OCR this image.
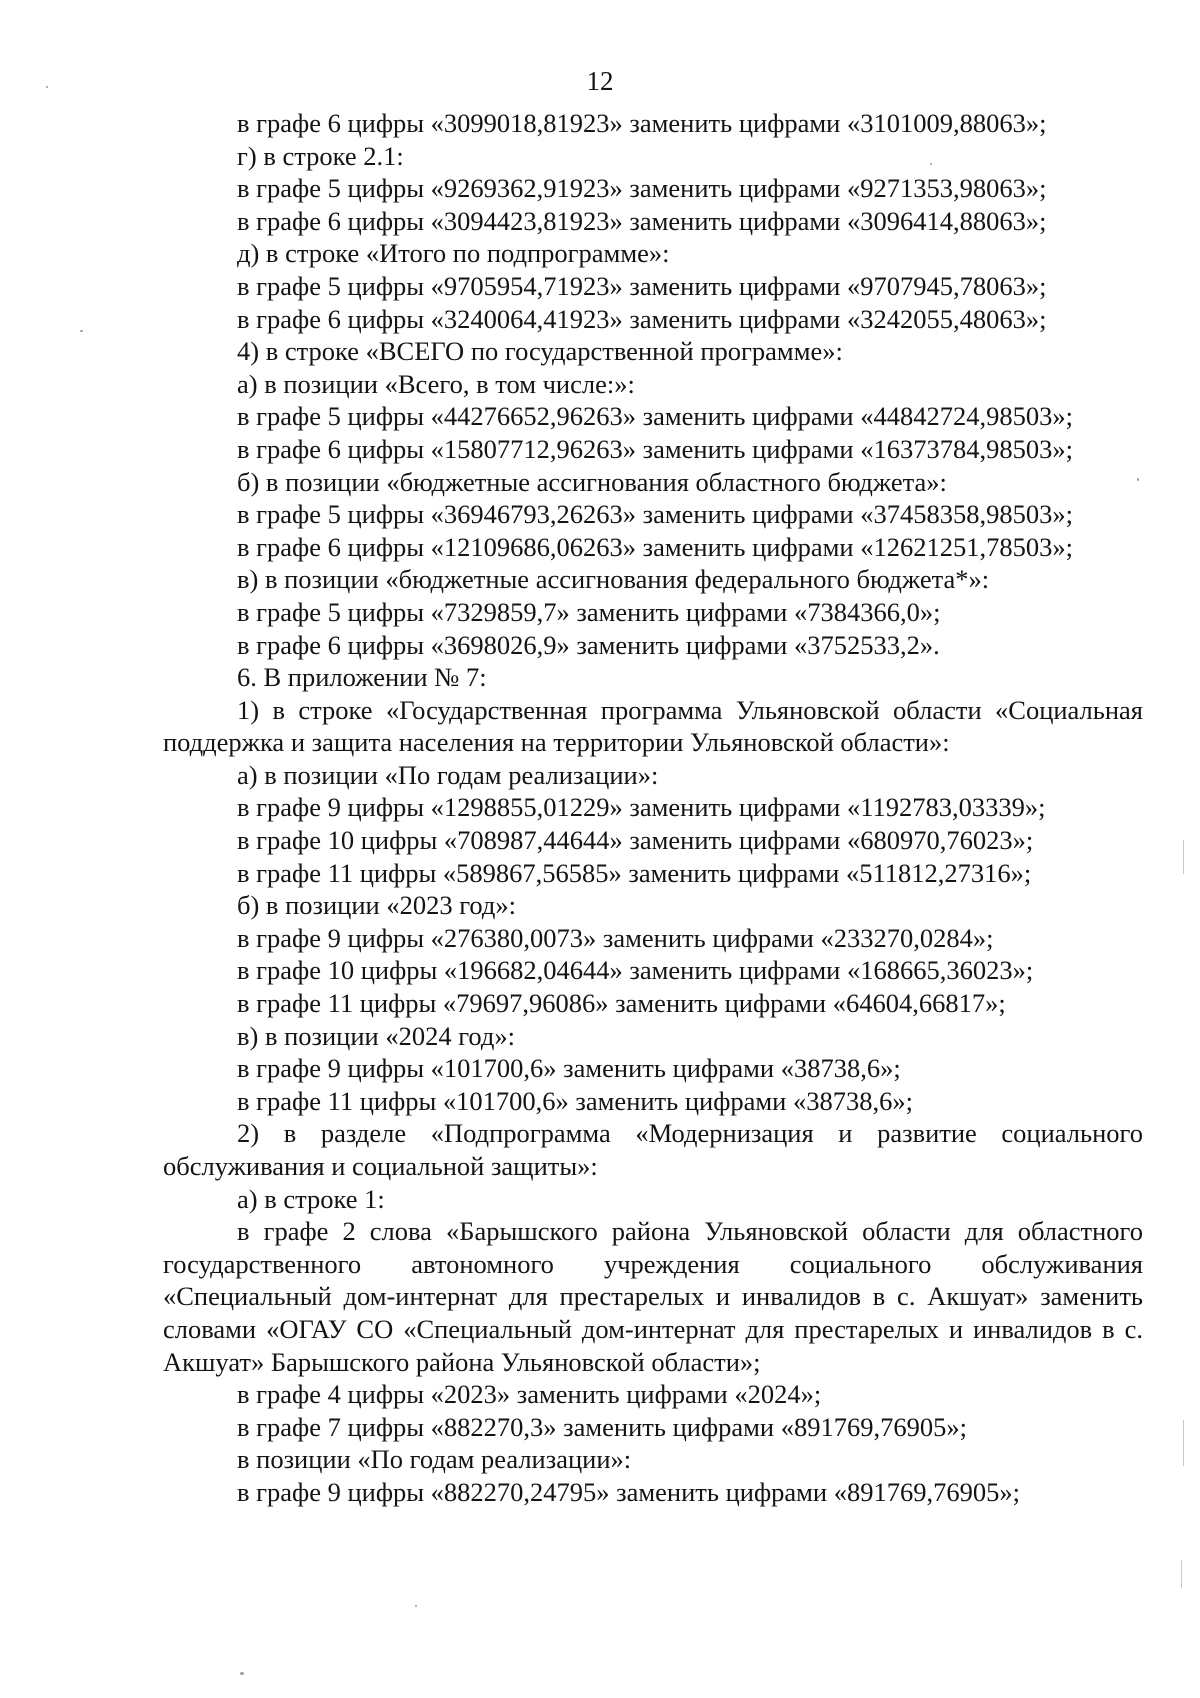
12
в графе 6 цифры «3099018,81923» заменить цифрами «3101009,88063»;
г) в строке 2.1:
в графе 5 цифры «9269362,91923» заменить цифрами «9271353,98063»;
в графе 6 цифры «3094423,81923» заменить цифрами «3096414,88063»;
д) в строке «Итого по подпрограмме»:
в графе 5 цифры «9705954,71923» заменить цифрами «9707945,78063»;
в графе 6 цифры «3240064,41923» заменить цифрами «3242055,48063»;
4) в строке «ВСЕГО по государственной программе»:
а) в позиции «Всего, в том числе:»:
в графе 5 цифры «44276652,96263» заменить цифрами «44842724,98503»;
в графе 6 цифры «15807712,96263» заменить цифрами «16373784,98503»;
б) в позиции «бюджетные ассигнования областного бюджета»:
в графе 5 цифры «36946793,26263» заменить цифрами «37458358,98503»;
в графе 6 цифры «12109686,06263» заменить цифрами «12621251,78503»;
в) в позиции «бюджетные ассигнования федерального бюджета*»:
в графе 5 цифры «7329859,7» заменить цифрами «7384366,0»;
в графе 6 цифры «3698026,9» заменить цифрами «3752533,2».
6. В приложении № 7:
1) в строке «Государственная программа Ульяновской области «Социальная поддержка и защита населения на территории Ульяновской области»:
а) в позиции «По годам реализации»:
в графе 9 цифры «1298855,01229» заменить цифрами «1192783,03339»;
в графе 10 цифры «708987,44644» заменить цифрами «680970,76023»;
в графе 11 цифры «589867,56585» заменить цифрами «511812,27316»;
б) в позиции «2023 год»:
в графе 9 цифры «276380,0073» заменить цифрами «233270,0284»;
в графе 10 цифры «196682,04644» заменить цифрами «168665,36023»;
в графе 11 цифры «79697,96086» заменить цифрами «64604,66817»;
в) в позиции «2024 год»:
в графе 9 цифры «101700,6» заменить цифрами «38738,6»;
в графе 11 цифры «101700,6» заменить цифрами «38738,6»;
2) в разделе «Подпрограмма «Модернизация и развитие социального обслуживания и социальной защиты»:
а) в строке 1:
в графе 2 слова «Барышского района Ульяновской области для областного государственного автономного учреждения социального обслуживания «Специальный дом-интернат для престарелых и инвалидов в с. Акшуат» заменить словами «ОГАУ СО «Специальный дом-интернат для престарелых и инвалидов в с. Акшуат» Барышского района Ульяновской области»;
в графе 4 цифры «2023» заменить цифрами «2024»;
в графе 7 цифры «882270,3» заменить цифрами «891769,76905»;
в позиции «По годам реализации»:
в графе 9 цифры «882270,24795» заменить цифрами «891769,76905»;
